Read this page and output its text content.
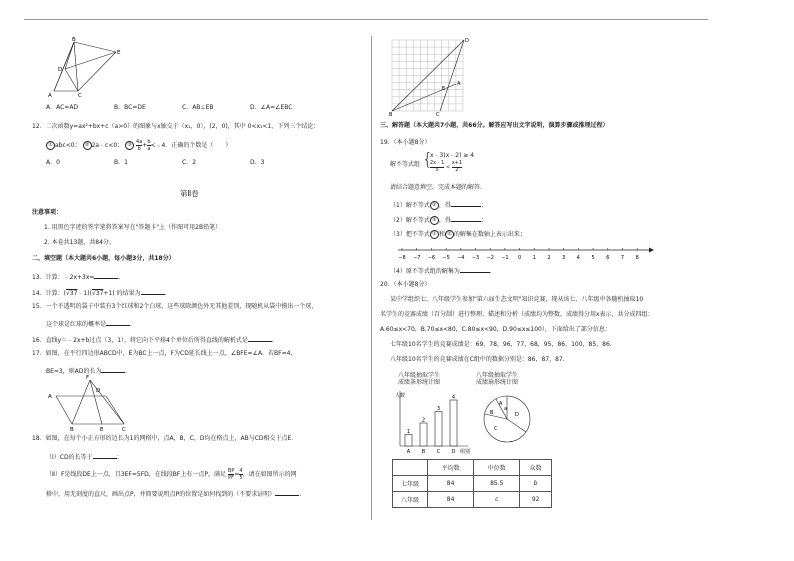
B
E
D
A	C
A．AC=AD	B．BC=DE	C．AB⊥EB	D．∠A=∠EBC
12．二次函数y=ax²+bx+c（a>0）的图象与x轴交于（x₁，0），(2，0)，其中 0<x₁<1，下列三个结论：
① abc<0； ② 2a﹣c<0； ③ $\frac{4a}{b} + \frac{b}{a}$ <﹣4．正确的个数是（　　）
A．0	B．1	C．2	D．3
第Ⅱ卷
注意事项：
1. 用黑色字迹的签字笔将答案写在"答题卡"上（作图可用2B铅笔）
2. 本卷共13题，共84分。
二、填空题（本大题共6小题，每小题3分，共18分）
13．计算：﹣2x+3x=	.
14．计算：(√37﹣1)(√37+1) 的结果为	.
15．一个不透明的袋子中装有3个红球和2个白球，这些球除颜色外无其他差别，现随机从袋中摸出一个球，
这个球是红球的概率是	.
16．直线y＝﹣2x+b过点（3，1），将它向下平移4个单位后所得直线的解析式是	.
17．如图，在平行四边形ABCD中，E为BC上一点，F为CD延长线上一点，∠BFE=∠A．若BF=4，
BE=3，则AD的长为	.
F
A
D
B	E	C
18．如图，在每个小正方形的边长为1的网格中，点A，B，C，D均在格点上，AB与CD相交于点E．
（Ⅰ）CD的长等于	；
（Ⅱ）F是线段DE上一点，且3EF=5FD，在线段BF上有一点P，满足 $\frac{BP}{PF} = \frac{4}{5}$ ，请在如图所示的网
格中，用无刻度的直尺，画出点P，并简要说明点P的位置是如何找到的（不要求证明）	.
D
A
E
C
B
三、解答题（本大题共7小题，共66分。解答应写出文字说明，演算步骤或推理过程）
19．（本小题8分）
解不等式组 {
x﹣3(x﹣2) ≥ 4
$\frac{2x﹣1}{5} < \frac{x+1}{2}$
请结合题意填空，完成本题的解答．
（1）解不等式 ① ，得	；
（2）解不等式 ② ，得	；
（3）把不等式 ① 和 ② 的解集在数轴上表示出来；
−8 −7 −6 −5 −4 −3 −2 −1 0 1 2 3 4 5 6 7 8
（4）原不等式组的解集为	.
20．（本小题8分）
某中学组织七、八年级学生参加"第六届生态文明"知识竞赛，现从该七、八年级中各随机抽取10
名学生的竞赛成绩（百分制）进行整理、描述和分析（成绩均为整数，成绩得分用x表示，共分成四组：
A.60≤x<70，B.70≤x<80，C.80≤x<90，D.90≤x≤100），下面给出了部分信息：
七年级10名学生的竞赛成绩是：69，78，96，77，68，95，86，100，85，86．
八年级10名学生的竞赛成绩在C组中的数据分别是：86，87，87．
八年级抽取学生
成绩条形统计图
人数
组别
1
A
2
B
3
C
4
D
八年级抽取学生
成绩扇形统计图
A
a
B
C
D
	平均数	中位数	众数
七年级	84	85.5	b
八年级	84	c	92
